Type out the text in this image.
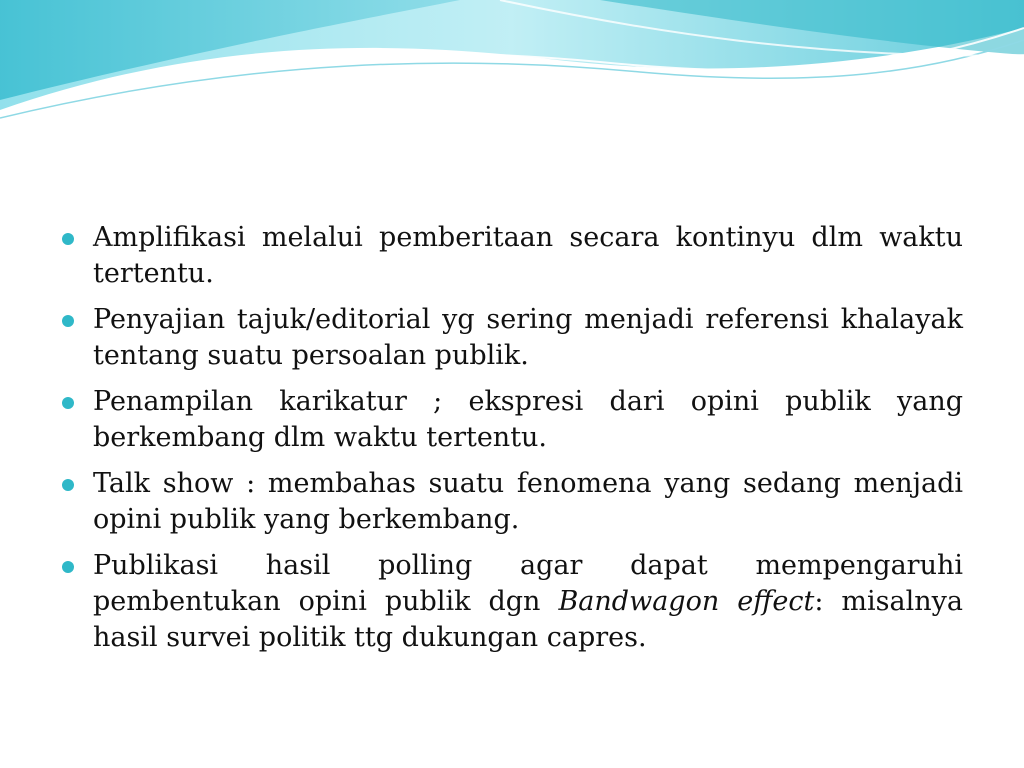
Amplifikasi melalui pemberitaan secara kontinyu dlm waktu tertentu.
Penyajian tajuk/editorial yg sering menjadi referensi khalayak tentang suatu persoalan publik.
Penampilan karikatur ; ekspresi dari opini publik yang berkembang dlm waktu tertentu.
Talk show : membahas suatu fenomena yang sedang menjadi opini publik yang berkembang.
Publikasi hasil polling agar dapat mempengaruhi pembentukan opini publik dgn Bandwagon effect: misalnya hasil survei politik ttg dukungan capres.
